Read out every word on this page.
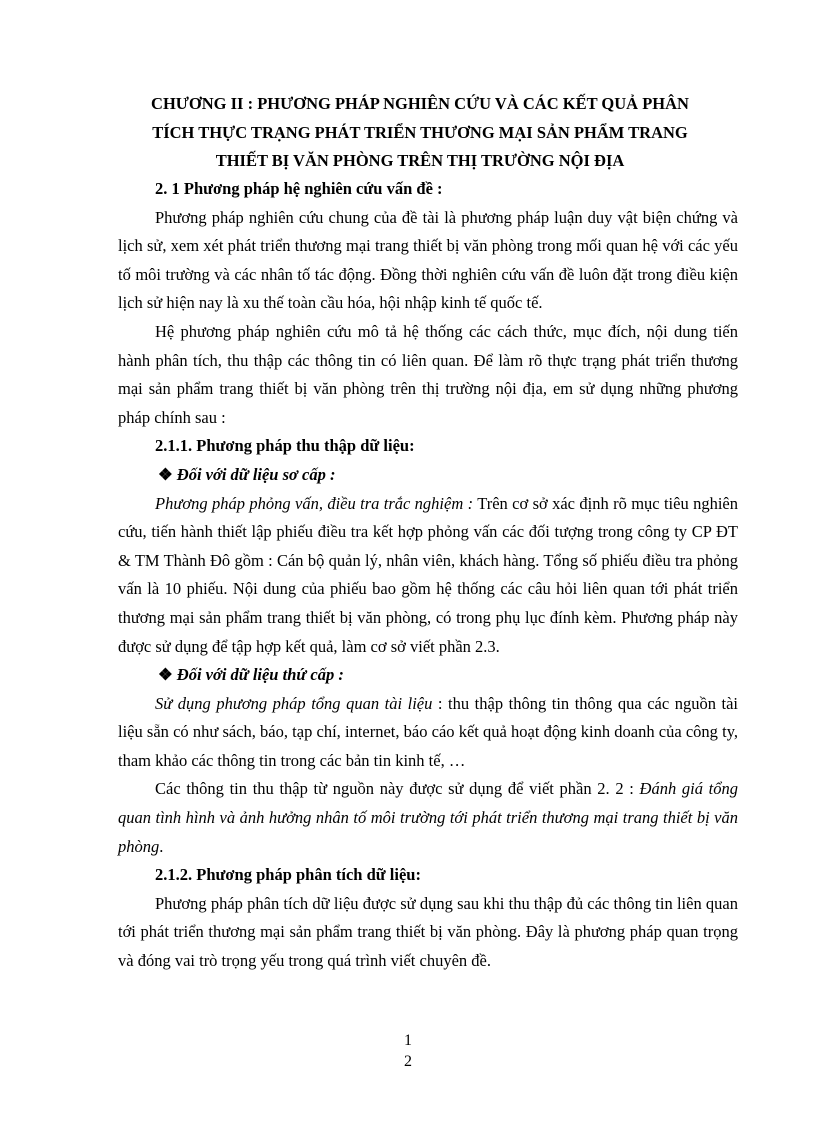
CHƯƠNG II : PHƯƠNG PHÁP NGHIÊN CỨU VÀ CÁC KẾT QUẢ PHÂN
TÍCH THỰC TRẠNG PHÁT TRIỂN THƯƠNG MẠI SẢN PHẨM TRANG
THIẾT BỊ VĂN PHÒNG TRÊN THỊ TRƯỜNG NỘI ĐỊA
2. 1 Phương pháp hệ nghiên cứu vấn đề :

Phương pháp nghiên cứu chung của đề tài là phương pháp luận duy vật biện chứng và lịch sử, xem xét phát triển thương mại trang thiết bị văn phòng trong mối quan hệ với các yếu tố môi trường và các nhân tố tác động. Đồng thời nghiên cứu vấn đề luôn đặt trong điều kiện lịch sử hiện nay là xu thế toàn cầu hóa, hội nhập kinh tế quốc tế.

Hệ phương pháp nghiên cứu mô tả hệ thống các cách thức, mục đích, nội dung tiến hành phân tích, thu thập các thông tin có liên quan. Để làm rõ thực trạng phát triển thương mại sản phẩm trang thiết bị văn phòng trên thị trường nội địa, em sử dụng những phương pháp chính sau :

2.1.1. Phương pháp thu thập dữ liệu:
❖ Đối với dữ liệu sơ cấp :

Phương pháp phỏng vấn, điều tra trắc nghiệm : Trên cơ sở xác định rõ mục tiêu nghiên cứu, tiến hành thiết lập phiếu điều tra kết hợp phỏng vấn các đối tượng trong công ty CP ĐT & TM Thành Đô gồm : Cán bộ quản lý, nhân viên, khách hàng. Tổng số phiếu điều tra phỏng vấn là 10 phiếu. Nội dung của phiếu bao gồm hệ thống các câu hỏi liên quan tới phát triển thương mại sản phẩm trang thiết bị văn phòng, có trong phụ lục đính kèm. Phương pháp này được sử dụng để tập hợp kết quả, làm cơ sở viết phần 2.3.

❖ Đối với dữ liệu thứ cấp :

Sử dụng phương pháp tổng quan tài liệu : thu thập thông tin thông qua các nguồn tài liệu sẵn có như sách, báo, tạp chí, internet, báo cáo kết quả hoạt động kinh doanh của công ty, tham khảo các thông tin trong các bản tin kinh tế, …

Các thông tin thu thập từ nguồn này được sử dụng để viết phần 2. 2 : Đánh giá tổng quan tình hình và ảnh hưởng nhân tố môi trường tới phát triển thương mại trang thiết bị văn phòng.

2.1.2. Phương pháp phân tích dữ liệu:

Phương pháp phân tích dữ liệu được sử dụng sau khi thu thập đủ các thông tin liên quan tới phát triển thương mại sản phẩm trang thiết bị văn phòng. Đây là phương pháp quan trọng và đóng vai trò trọng yếu trong quá trình viết chuyên đề.

1
2
